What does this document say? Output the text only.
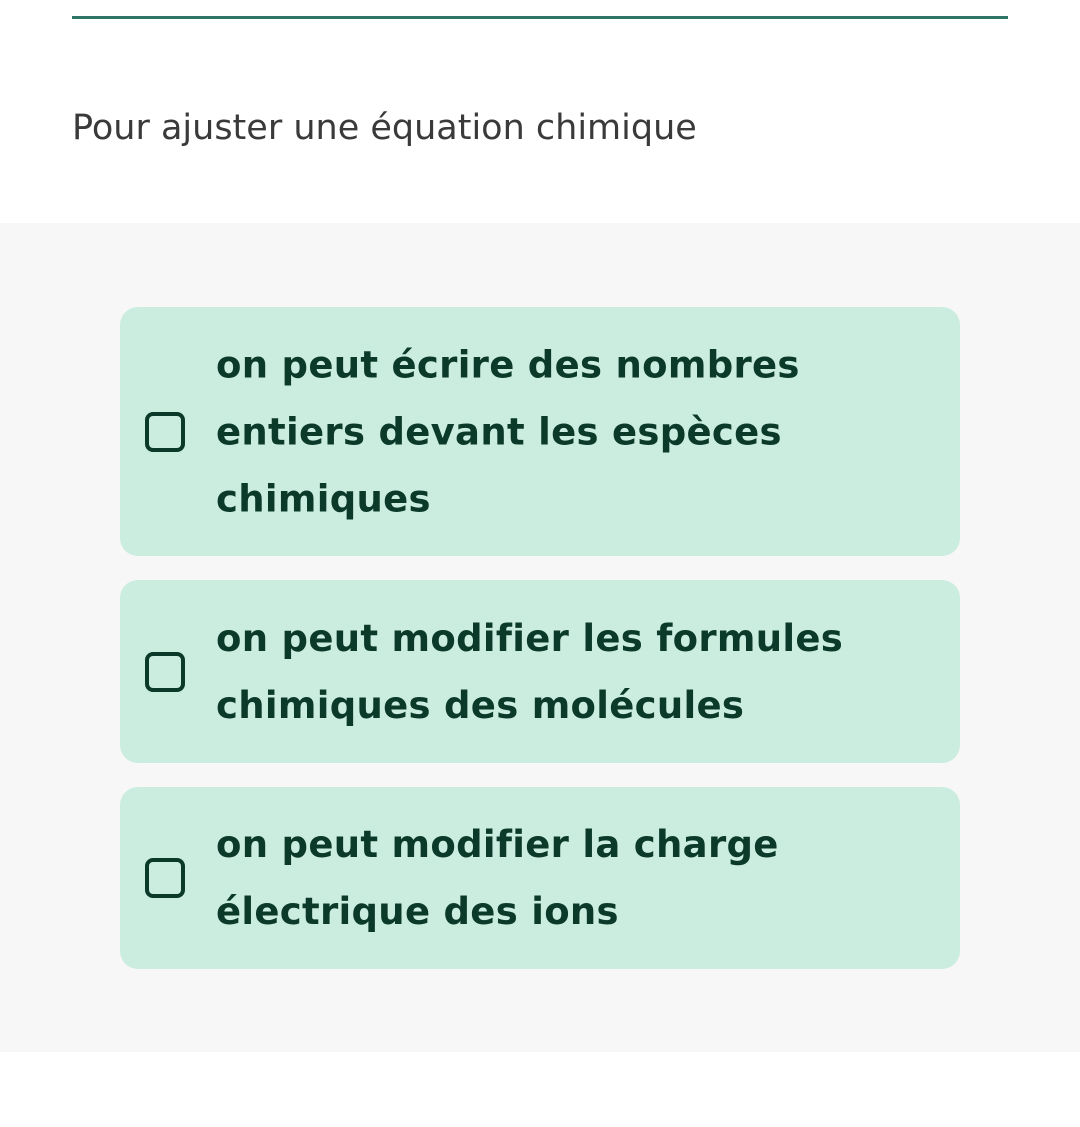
Pour ajuster une équation chimique

on peut écrire des nombres entiers devant les espèces chimiques
on peut modifier les formules chimiques des molécules
on peut modifier la charge électrique des ions
